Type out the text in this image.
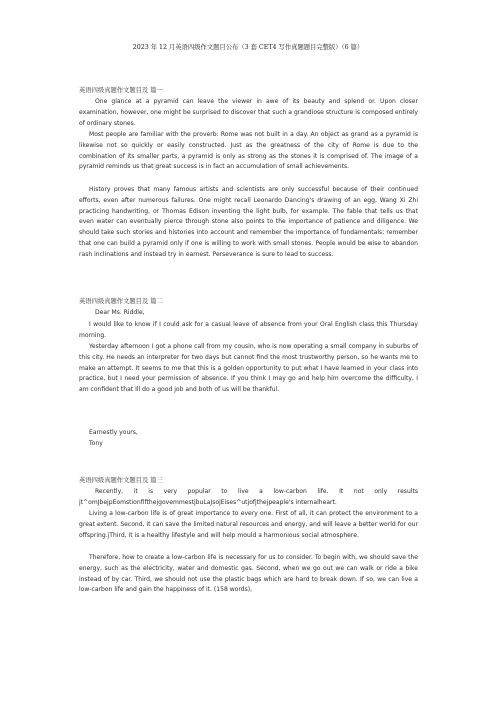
2023 年 12 月英语四级作文题目公布（3 套 CET4 写作真题题目完整版）（6 篇）
英语四级真题作文题目及 篇一

One glance at a pyramid can leave the viewer in awe of its beauty and splend or. Upon closer examination, however, one might be surprised to discover that such a grandiose structure is composed entirely of ordinary stones.

Most people are familiar with the proverb: Rome was not built in a day. An object as grand as a pyramid is likewise not so quickly or easily constructed. Just as the greatness of the city of Rome is due to the combination of its smaller parts, a pyramid is only as strong as the stones it is comprised of. The image of a pyramid reminds us that great success is in fact an accumulation of small achievements.

History proves that many famous artists and scientists are only successful because of their continued efforts, even after numerous failures. One might recall Leonardo Dancing's drawing of an egg, Wang Xi Zhi practicing handwriting, or Thomas Edison inventing the light bulb, for example. The fable that tells us that even water can eventually pierce through stone also points to the importance of patience and diligence. We should take such stories and histories into account and remember the importance of fundamentals; remember that one can build a pyramid only if one is willing to work with small stones. People would be wise to abandon rash inclinations and instead try in earnest. Perseverance is sure to lead to success.

英语四级真题作文题目及 篇二
Dear Ms. Riddle,

I would like to know if I could ask for a casual leave of absence from your Oral English class this Thursday morning.

Yesterday afternoon I got a phone call from my cousin, who is now operating a small company in suburbs of this city. He needs an interpreter for two days but cannot find the most trustworthy person, so he wants me to make an attempt. It seems to me that this is a golden opportunity to put what I have learned in your class into practice, but I need your permission of absence. If you think I may go and help him overcome the difficulty, I am confident that Ill do a good job and both of us will be thankful.

Earnestly yours,
Tony
英语四级真题作文题目及 篇三

Recently, it is very popular to live a low-carbon life. It not only results jt^omJbejpEomstionfifthejgovemmestjbuLaJsojEises^utjofjthejpeaple's internalheart.

Living a low-carbon life is of great importance to every one. First of all, it can protect the environment to a great extent. Second, it can save the limited natural resources and energy, and will leave a better world for our offspring.jThird, it is a healthy lifestyle and will help mould a harmonious social atmosphere.

Therefore, how to create a low-carbon life is necessary for us to consider. To begin with, we should save the energy, such as the electricity, water and domestic gas. Second, when we go out we can walk or ride a bike instead of by car. Third, we should not use the plastic bags which are hard to break down. If so, we can live a low-carbon life and gain the happiness of it. (158 words)。
